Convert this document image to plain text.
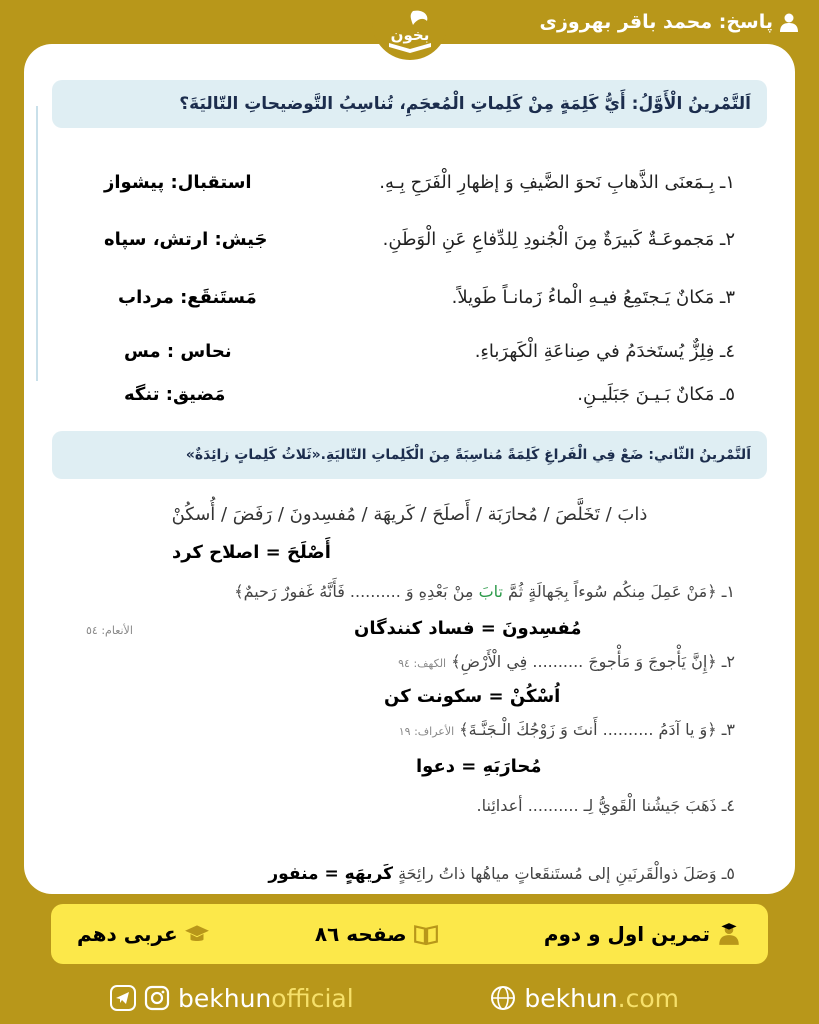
پاسخ: محمد باقر بهروزی
بخون
اَلتَّمْرينُ الْأَوَّلُ: أَيُّ كَلِمَةٍ مِنْ كَلِماتِ الْمُعجَمِ، تُناسِبُ التَّوضيحاتِ التّاليَةَ؟
١ـ بِـمَعنَى الذَّهابِ نَحوَ الضَّيفِ وَ إظهارِ الْفَرَحِ بِـهِ.
استقبال: پیشواز
٢ـ مَجموعَـةٌ كَبيرَةٌ مِنَ الْجُنودِ لِلدِّفاعِ عَنِ الْوَطَنِ.
جَیش: ارتش، سپاه
٣ـ مَكانٌ يَـجتَمِعُ فيـهِ الْماءُ زَمانـاً طَويلاً.
مَستَنقَع: مرداب
٤ـ فِلِزٌّ يُستَخدَمُ في صِناعَةِ الْكَهرَباءِ.
نحاس : مس
٥ـ مَكانٌ بَـيـنَ جَبَلَيـنِ.
مَضیق: تنگه
اَلتَّمْرينُ الثّاني: ضَعْ فِي الْفَراغِ كَلِمَةً مُناسِبَةً مِنَ الْكَلِماتِ التّاليَةِ.«ثَلاثُ كَلِماتٍ زائِدَةٌ»
ذابَ / تَخَلَّصَ / مُحارَبَة / أَصلَحَ / كَريهَة / مُفسِدونَ / رَفَضَ / أُسكُنْ
أَصْلَحَ = اصلاح کرد
١ـ ﴿مَنْ عَمِلَ مِنكُم سُوءاً بِجَهالَةٍ ثُمَّ تابَ مِنْ بَعْدِهِ وَ .......... فَأَنَّهُ غَفورٌ رَحيمٌ﴾
الأنعام: ٥٤	مُفسِدونَ = فساد کنندگان
٢ـ ﴿إِنَّ يَأْجوجَ وَ مَأْجوجَ .......... فِي الْأَرْضِ﴾ الكهف: ٩٤
اُسْکُنْ = سکونت کن
٣ـ ﴿وَ يا آدَمُ .......... أَنتَ وَ زَوْجُكَ الْـجَنَّـةَ﴾ الأعراف: ١٩
مُحارَبَهِ = دعوا
٤ـ ذَهَبَ جَيشُنا الْقَويُّ لِـ .......... أعدائِنا.
٥ـ وَصَلَ ذوالْقَرنَينِ إلى مُستَنقَعاتٍ مياهُها ذاتُ رائِحَةٍ كَريهَهٍ = منفور
تمرین اول و دوم
صفحه ٨٦
عربی دهم
bekhunofficial	bekhun.com
